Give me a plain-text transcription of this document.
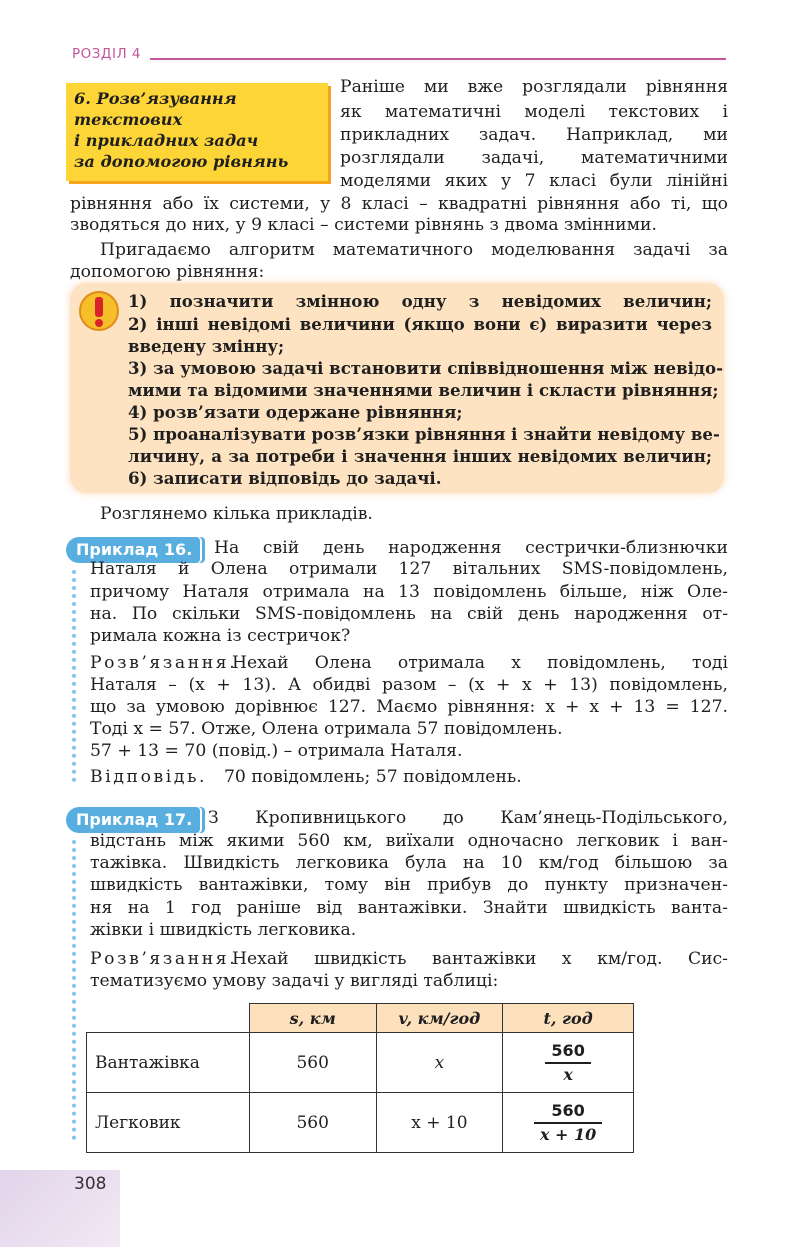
РОЗДІЛ 4
6. Розв’язування
текстових
і прикладних задач
за допомогою рівнянь
Раніше ми вже розглядали рівняння
як математичні моделі текстових і
прикладних задач. Наприклад, ми
розглядали задачі, математичними
моделями яких у 7 класі були лінійні
рівняння або їх системи, у 8 класі – квадратні рівняння або ті, що
зводяться до них, у 9 класі – системи рівнянь з двома змінними.
Пригадаємо алгоритм математичного моделювання задачі за
допомогою рівняння:
1) позначити змінною одну з невідомих величин;
2) інші невідомі величини (якщо вони є) виразити через
введену змінну;
3) за умовою задачі встановити співвідношення між невідо-
мими та відомими значеннями величин і скласти рівняння;
4) розв’язати одержане рівняння;
5) проаналізувати розв’язки рівняння і знайти невідому ве-
личину, а за потреби і значення інших невідомих величин;
6) записати відповідь до задачі.
Розглянемо кілька прикладів.
Приклад 16.	На свій день народження сестрички-близнючки
Наталя й Олена отримали 127 вітальних SMS-повідомлень,
причому Наталя отримала на 13 повідомлень більше, ніж Оле-
на. По скільки SMS-повідомлень на свій день народження от-
римала кожна із сестричок?
Розв’язання.
Нехай Олена отримала x повідомлень, тоді
Наталя – (x + 13). А обидві разом – (x + x + 13) повідомлень,
що за умовою дорівнює 127. Маємо рівняння: x + x + 13 = 127.
Тоді x = 57. Отже, Олена отримала 57 повідомлень.
57 + 13 = 70 (повід.) – отримала Наталя.
Відповідь. 70 повідомлень; 57 повідомлень.
Приклад 17. З Кропивницького до Кам’янець-Подільського,
відстань між якими 560 км, виїхали одночасно легковик і ван-
тажівка. Швидкість легковика була на 10 км/год більшою за
швидкість вантажівки, тому він прибув до пункту призначен-
ня на 1 год раніше від вантажівки. Знайти швидкість ванта-
жівки і швидкість легковика.
Розв’язання.
Нехай швидкість вантажівки x км/год. Сис-
тематизуємо умову задачі у вигляді таблиці:
	s, км	v, км/год	t, год
Вантажівка	560	x	$\frac{560}{x}$

Легковик	560	x + 10	$\frac{560}{x + 10}$
308
